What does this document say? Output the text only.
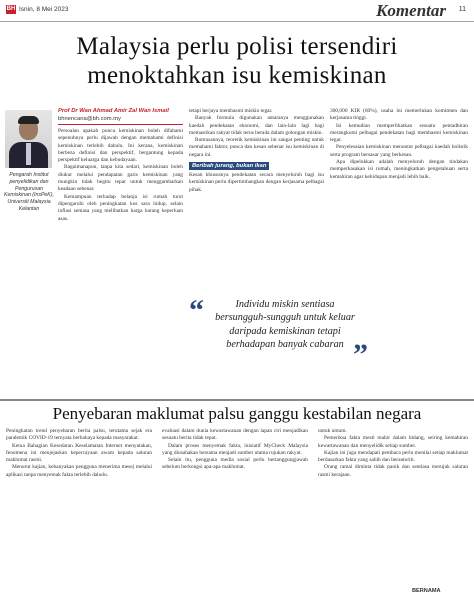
BH Isnin, 8 Mei 2023	Komentar 11
Malaysia perlu polisi tersendiri
menoktahkan isu kemiskinan
Pengarah Institut penyelidikan dan Pengurusan Kemiskinan (InsPeK), Universiti Malaysia Kelantan
Prof Dr Wan Ahmad Amir Zal Wan Ismail
bhnencana@bh.com.my

Persoalan apakah punca kemiskinan boleh difahami sepenuhnya perlu dijawab dengan memahami definisi kemiskinan terlebih dahulu. Ini kerana, kemiskinan berbeza definisi dan perspektif, bergantung kepada perspektif keluarga dan kebudayaan.

Bagaimanapun, tanpa kita sedari, kemiskinan boleh diukur melalui pendapatan garis kemiskinan yang mungkin tidak begitu tepat untuk menggambarkan keadaan sebenar.

Kemampuan terhadap belanja isi rumah turut dipengaruhi oleh peningkatan kos sara hidup, selain inflasi semasa yang melibatkan harga barang keperluan asas.

tetapi berjaya membasmi miskin tegar.

Banyak formula digunakan antaranya menggunakan kaedah pendekatan ekonomi, dan lain-lain lagi bagi memastikan rakyat tidak terus berada dalam golongan miskin.

Rumusannya, teoretik kemiskinan ini sangat penting untuk memahami faktor, punca dan kesan sebenar isu kemiskinan di negara ini.

Beribah jurang, bukan ikan

Kesan khususnya pendekatan secara menyeluruh bagi isu kemiskinan perlu dipertimbangkan dengan kerjasama pelbagai pihak.

300,000 KIR (60%), usaha ini memerlukan komitmen dan kerjasama tinggi.

Isi kemudian memperlihatkan sesuatu pentadbiran merangkumi pelbagai pendekatan bagi membasmi kemiskinan tegar.

Penyelesaian kemiskinan menuntut pelbagai kaedah holistik serta program bersasar yang berkesan.

Apa dipelukkan adalah menyeluruh dengan tindakan memperkasakan isi rumah, meningkatkan pengetahuan serta kemahiran agar kehidupan menjadi lebih baik.

“	Individu miskin sentiasa bersungguh-sungguh untuk keluar daripada kemiskinan tetapi berhadapan banyak cabaran ”
Penyebaran maklumat palsu ganggu kestabilan negara

Peningkatan trend penyebaran berita palsu, terutama sejak era pandemik COVID-19 ternyata berbahaya kepada masyarakat.

Ketua Bahagian Kesedaran Keselamatan Internet menyatakan, fenomena ini menjejaskan kepercayaan awam kepada saluran maklumat rasmi.

Menurut kajian, kebanyakan pengguna menerima mesej melalui aplikasi tanpa menyemak fakta terlebih dahulu.

evaluasi dalam dunia kewartawanan dengan lapan ciri menjadikan sesuatu berita tidak tepat.

Dalam proses menyemak fakta, inisiatif MyCheck Malaysia yang diusahakan bersama menjadi sumber utama rujukan rakyat.

Selain itu, pengguna media sosial perlu bertanggungjawab sebelum berkongsi apa-apa maklumat.

untuk umum.

Pemeriksa fakta mesti mahir dalam bidang, seiring kemahiran kewartawanan dan menyelidik setiap sumber.

Kajian ini juga mendapati pembaca perlu menilai setiap maklumat berdasarkan fakta yang sahih dan berautoriti.

Orang ramai diminta tidak panik dan sentiasa merujuk saluran rasmi kerajaan.

BERNAMA
